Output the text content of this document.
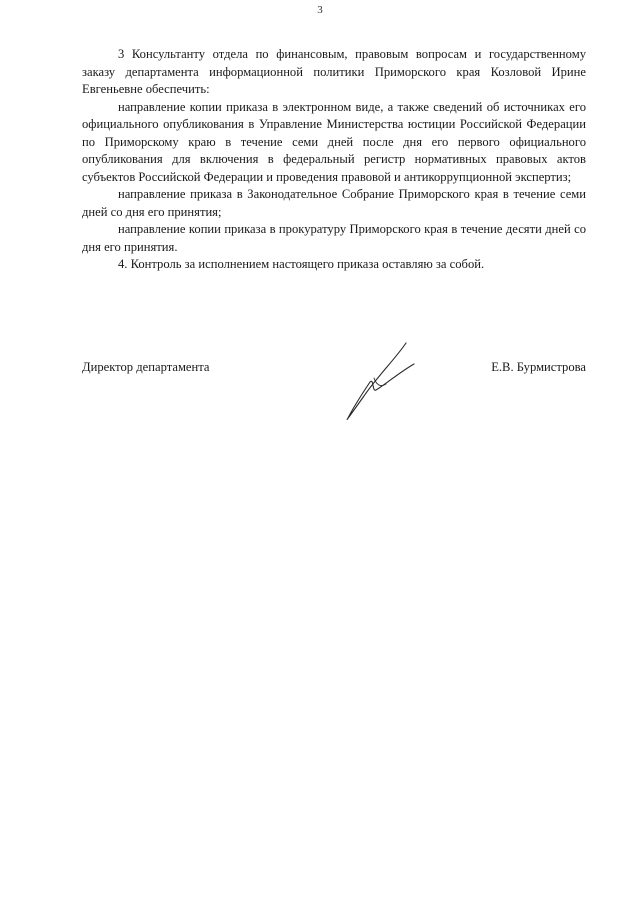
3

3 Консультанту отдела по финансовым, правовым вопросам и государственному заказу департамента информационной политики Приморского края Козловой Ирине Евгеньевне обеспечить:

направление копии приказа в электронном виде, а также сведений об источниках его официального опубликования в Управление Министерства юстиции Российской Федерации по Приморскому краю в течение семи дней после дня его первого официального опубликования для включения в федеральный регистр нормативных правовых актов субъектов Российской Федерации и проведения правовой и антикоррупционной экспертиз;

направление приказа в Законодательное Собрание Приморского края в течение семи дней со дня его принятия;

направление копии приказа в прокуратуру Приморского края в течение десяти дней со дня его принятия.

4. Контроль за исполнением настоящего приказа оставляю за собой.

Директор департамента	Е.В. Бурмистрова
